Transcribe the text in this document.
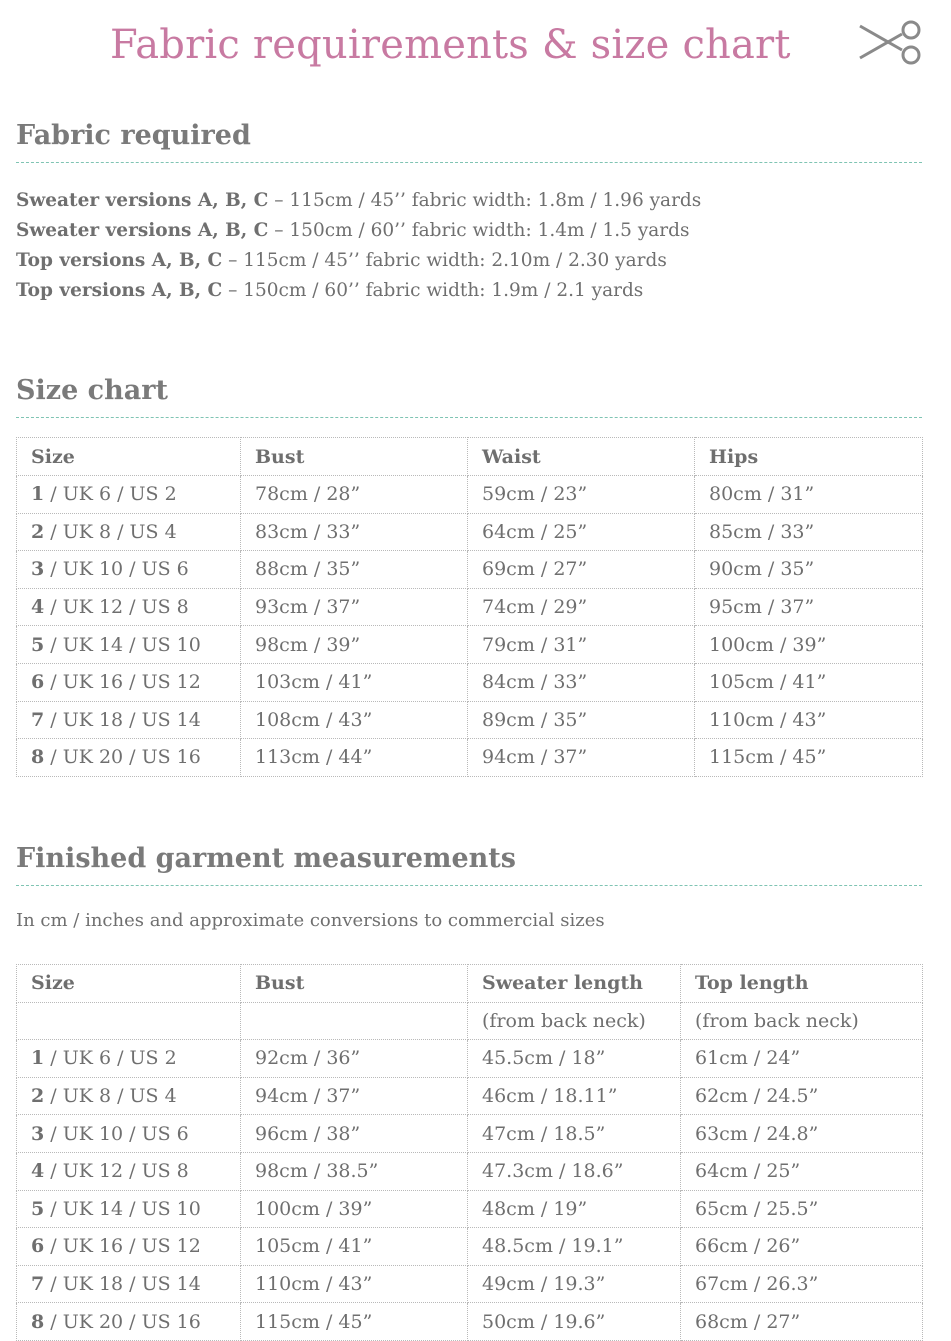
Fabric requirements & size chart
Fabric required
Sweater versions A, B, C – 115cm / 45’’ fabric width: 1.8m / 1.96 yards
Sweater versions A, B, C – 150cm / 60’’ fabric width: 1.4m / 1.5 yards
Top versions A, B, C – 115cm / 45’’ fabric width: 2.10m / 2.30 yards
Top versions A, B, C – 150cm / 60’’ fabric width: 1.9m / 2.1 yards
Size chart
Size	Bust	Waist	Hips
1 / UK 6 / US 2	78cm / 28”	59cm / 23”	80cm / 31”
2 / UK 8 / US 4	83cm / 33”	64cm / 25”	85cm / 33”
3 / UK 10 / US 6	88cm / 35”	69cm / 27”	90cm / 35”
4 / UK 12 / US 8	93cm / 37”	74cm / 29”	95cm / 37”
5 / UK 14 / US 10	98cm / 39”	79cm / 31”	100cm / 39”
6 / UK 16 / US 12	103cm / 41”	84cm / 33”	105cm / 41”
7 / UK 18 / US 14	108cm / 43”	89cm / 35”	110cm / 43”
8 / UK 20 / US 16	113cm / 44”	94cm / 37”	115cm / 45”
Finished garment measurements
In cm / inches and approximate conversions to commercial sizes
Size	Bust	Sweater length	Top length
		(from back neck)	(from back neck)
1 / UK 6 / US 2	92cm / 36”	45.5cm / 18”	61cm / 24”
2 / UK 8 / US 4	94cm / 37”	46cm / 18.11”	62cm / 24.5”
3 / UK 10 / US 6	96cm / 38”	47cm / 18.5”	63cm / 24.8”
4 / UK 12 / US 8	98cm / 38.5”	47.3cm / 18.6”	64cm / 25”
5 / UK 14 / US 10	100cm / 39”	48cm / 19”	65cm / 25.5”
6 / UK 16 / US 12	105cm / 41”	48.5cm / 19.1”	66cm / 26”
7 / UK 18 / US 14	110cm / 43”	49cm / 19.3”	67cm / 26.3”
8 / UK 20 / US 16	115cm / 45”	50cm / 19.6”	68cm / 27”
